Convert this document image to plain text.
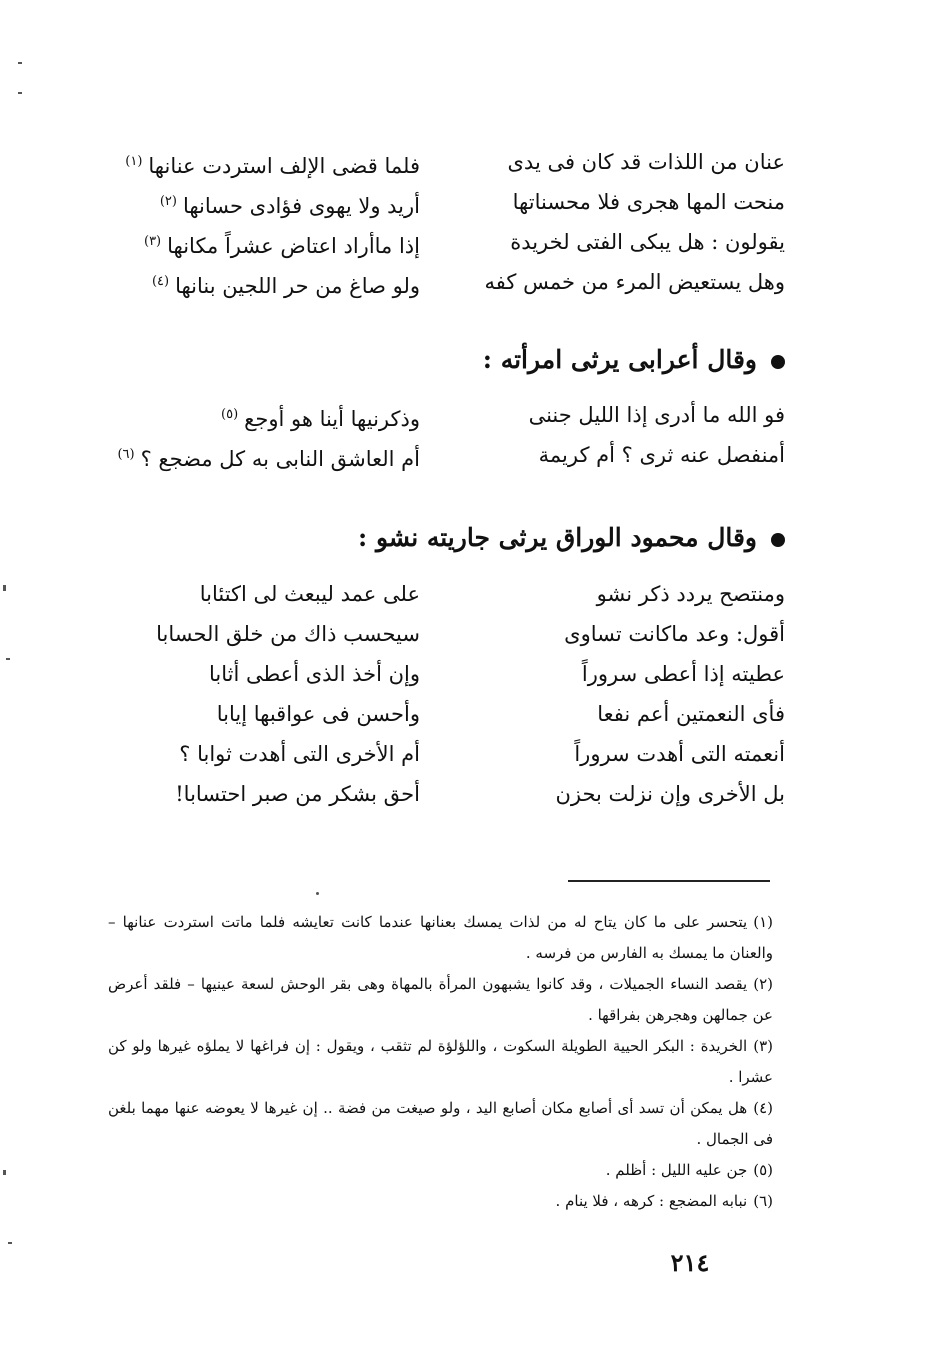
عنان من اللذات قد كان فى يدى
فلما قضى الإلف استردت عنانها$^{(١)}$
منحت المها هجرى فلا محسناتها
أريد ولا يهوى فؤادى حسانها$^{(٢)}$
يقولون : هل يبكى الفتى لخريدة
إذا ماأراد اعتاض عشراً مكانها$^{(٣)}$
وهل يستعيض المرء من خمس كفه
ولو صاغ من حر اللجين بنانها$^{(٤)}$
وقال أعرابى يرثى امرأته :
فو الله ما أدرى إذا الليل جننى
وذكرنيها أينا هو أوجع$^{(٥)}$
أمنفصل عنه ثرى ؟ أم كريمة
أم العاشق النابى به كل مضجع ؟$^{(٦)}$
وقال محمود الوراق يرثى جاريته نشو :
ومنتصح يردد ذكر نشو
على عمد ليبعث لى اكتئابا
أقول: وعد ماكانت تساوى
سيحسب ذاك من خلق الحسابا
عطيته إذا أعطى سروراً
وإن أخذ الذى أعطى أثابا
فأى النعمتين أعم نفعا
وأحسن فى عواقبها إيابا
أنعمته التى أهدت سروراً
أم الأخرى التى أهدت ثوابا ؟
بل الأخرى وإن نزلت بحزن
أحق بشكر من صبر احتسابا!

(١)يتحسر على ما كان يتاح له من لذات يمسك بعنانها عندما كانت تعايشه فلما ماتت استردت عنانها – والعنان ما يمسك به الفارس من فرسه .

(٢)يقصد النساء الجميلات ، وقد كانوا يشبهون المرأة بالمهاة وهى بقر الوحش لسعة عينيها – فلقد أعرض عن جمالهن وهجرهن بفراقها .

(٣)الخريدة : البكر الحيية الطويلة السكوت ، واللؤلؤة لم تثقب ، ويقول : إن فراغها لا يملؤه غيرها ولو كن عشرا .

(٤)هل يمكن أن تسد أى أصابع مكان أصابع اليد ، ولو صيغت من فضة .. إن غيرها لا يعوضه عنها مهما بلغن فى الجمال .

(٥)جن عليه الليل : أظلم .

(٦)نبابه المضجع : كرهه ، فلا ينام .

٢١٤
